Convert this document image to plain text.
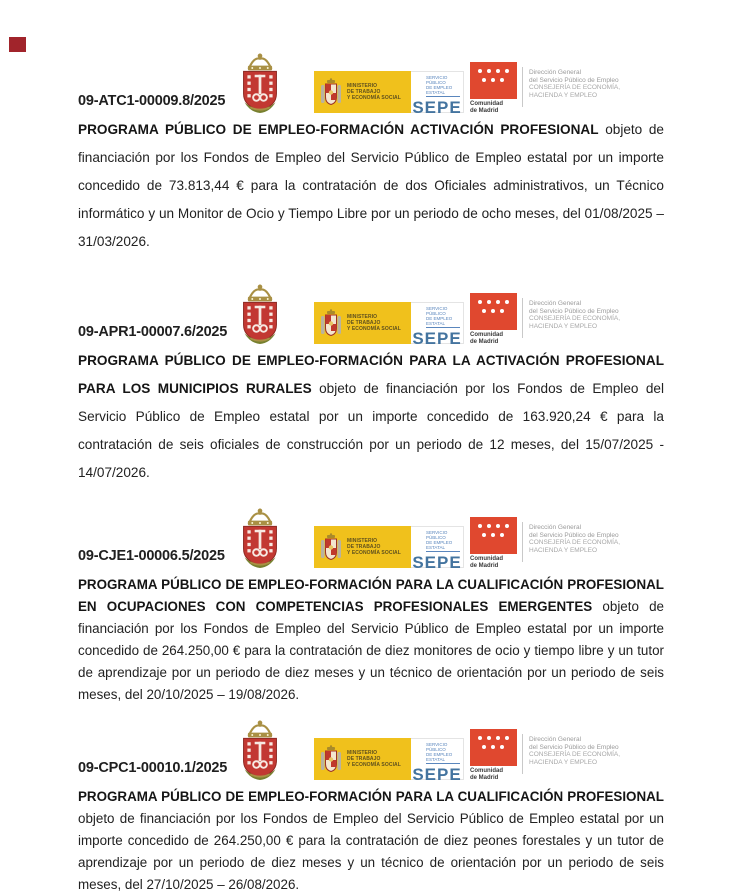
09-ATC1-00009.8/2025
MINISTERIO
DE TRABAJO
Y ECONOMÍA SOCIAL
SERVICIO PÚBLICO
DE EMPLEO ESTATAL
SEPE Comunidad
de Madrid
Dirección General
del Servicio Público de Empleo
CONSEJERÍA DE ECONOMÍA,
HACIENDA Y EMPLEO

PROGRAMA PÚBLICO DE EMPLEO-FORMACIÓN ACTIVACIÓN PROFESIONAL objeto de financiación por los Fondos de Empleo del Servicio Público de Empleo estatal por un importe concedido de 73.813,44 € para la contratación de dos Oficiales administrativos, un Técnico informático y un Monitor de Ocio y Tiempo Libre por un periodo de ocho meses, del 01/08/2025 – 31/03/2026.

09-APR1-00007.6/2025
MINISTERIO
DE TRABAJO
Y ECONOMÍA SOCIAL
SERVICIO PÚBLICO
DE EMPLEO ESTATAL
SEPE Comunidad
de Madrid
Dirección General
del Servicio Público de Empleo
CONSEJERÍA DE ECONOMÍA,
HACIENDA Y EMPLEO

PROGRAMA PÚBLICO DE EMPLEO-FORMACIÓN PARA LA ACTIVACIÓN PROFESIONAL PARA LOS MUNICIPIOS RURALES objeto de financiación por los Fondos de Empleo del Servicio Público de Empleo estatal por un importe concedido de 163.920,24 € para la contratación de seis oficiales de construcción por un periodo de 12 meses, del 15/07/2025 - 14/07/2026.

09-CJE1-00006.5/2025
MINISTERIO
DE TRABAJO
Y ECONOMÍA SOCIAL
SERVICIO PÚBLICO
DE EMPLEO ESTATAL
SEPE Comunidad
de Madrid
Dirección General
del Servicio Público de Empleo
CONSEJERÍA DE ECONOMÍA,
HACIENDA Y EMPLEO

PROGRAMA PÚBLICO DE EMPLEO-FORMACIÓN PARA LA CUALIFICACIÓN PROFESIONAL EN OCUPACIONES CON COMPETENCIAS PROFESIONALES EMERGENTES objeto de financiación por los Fondos de Empleo del Servicio Público de Empleo estatal por un importe concedido de 264.250,00 € para la contratación de diez monitores de ocio y tiempo libre y un tutor de aprendizaje por un periodo de diez meses y un técnico de orientación por un periodo de seis meses, del 20/10/2025 – 19/08/2026.

09-CPC1-00010.1/2025
MINISTERIO
DE TRABAJO
Y ECONOMÍA SOCIAL
SERVICIO PÚBLICO
DE EMPLEO ESTATAL
SEPE Comunidad
de Madrid
Dirección General
del Servicio Público de Empleo
CONSEJERÍA DE ECONOMÍA,
HACIENDA Y EMPLEO

PROGRAMA PÚBLICO DE EMPLEO-FORMACIÓN PARA LA CUALIFICACIÓN PROFESIONAL objeto de financiación por los Fondos de Empleo del Servicio Público de Empleo estatal por un importe concedido de 264.250,00 € para la contratación de diez peones forestales y un tutor de aprendizaje por un periodo de diez meses y un técnico de orientación por un periodo de seis meses, del 27/10/2025 – 26/08/2026.
